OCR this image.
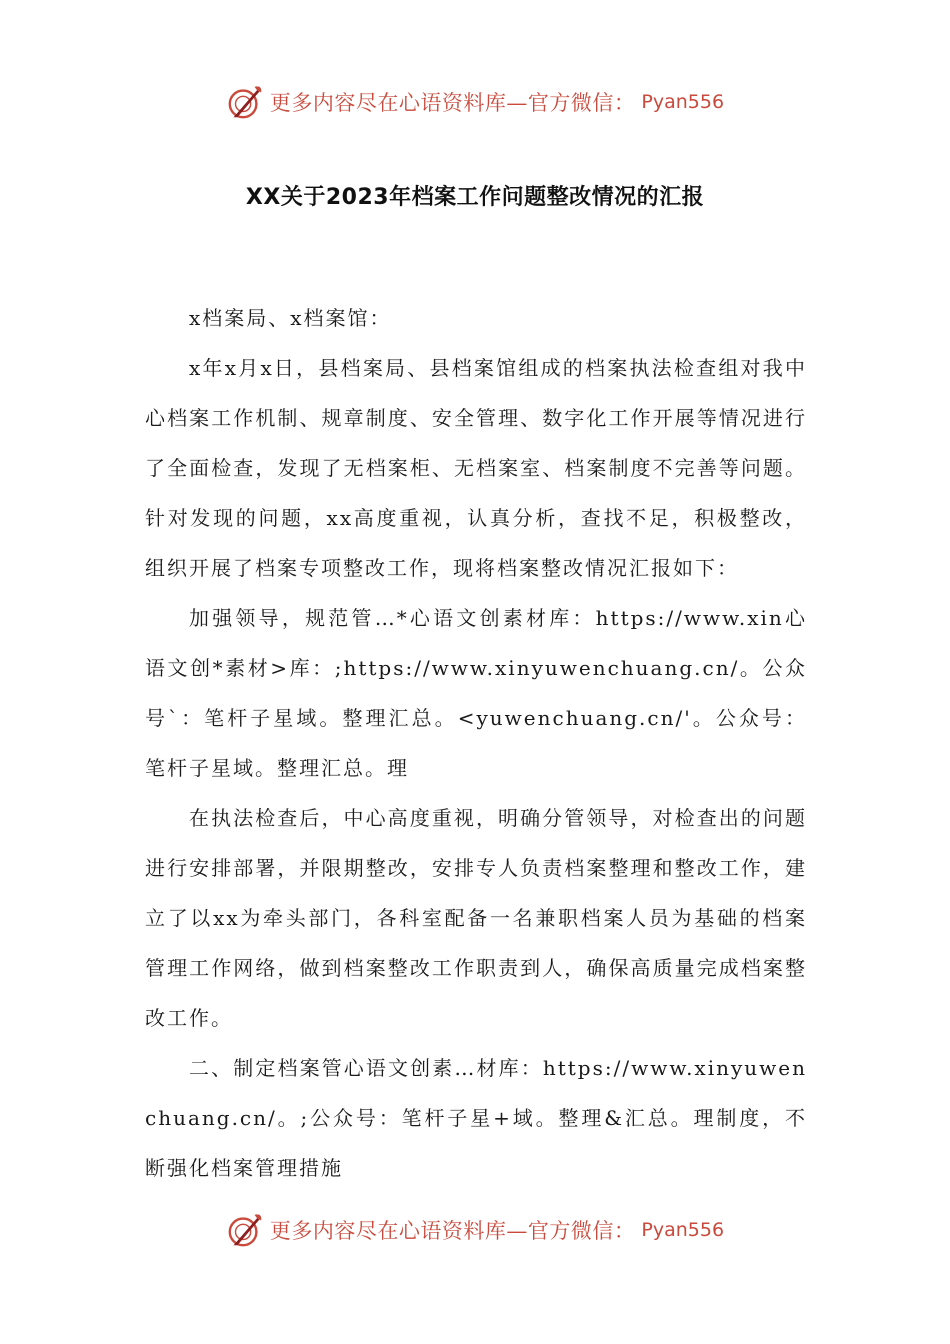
更多内容尽在心语资料库—官方微信： Pyan556
XX关于2023年档案工作问题整改情况的汇报

x档案局、x档案馆：

x年x月x日，县档案局、县档案馆组成的档案执法检查组对我中心档案工作机制、规章制度、安全管理、数字化工作开展等情况进行了全面检查，发现了无档案柜、无档案室、档案制度不完善等问题。针对发现的问题，xx高度重视，认真分析，查找不足，积极整改，组织开展了档案专项整改工作，现将档案整改情况汇报如下：

加强领导，规范管…*心语文创素材库：https://www.xin心语文创*素材>库：;https://www.xinyuwenchuang.cn/。公众号`：笔杆子星域。整理汇总。<yuwenchuang.cn/'。公众号：笔杆子星域。整理汇总。理

在执法检查后，中心高度重视，明确分管领导，对检查出的问题进行安排部署，并限期整改，安排专人负责档案整理和整改工作，建立了以xx为牵头部门，各科室配备一名兼职档案人员为基础的档案管理工作网络，做到档案整改工作职责到人，确保高质量完成档案整改工作。

二、制定档案管心语文创素…材库：https://www.xinyuwenchuang.cn/。;公众号：笔杆子星+域。整理&汇总。理制度，不断强化档案管理措施

更多内容尽在心语资料库—官方微信： Pyan556
